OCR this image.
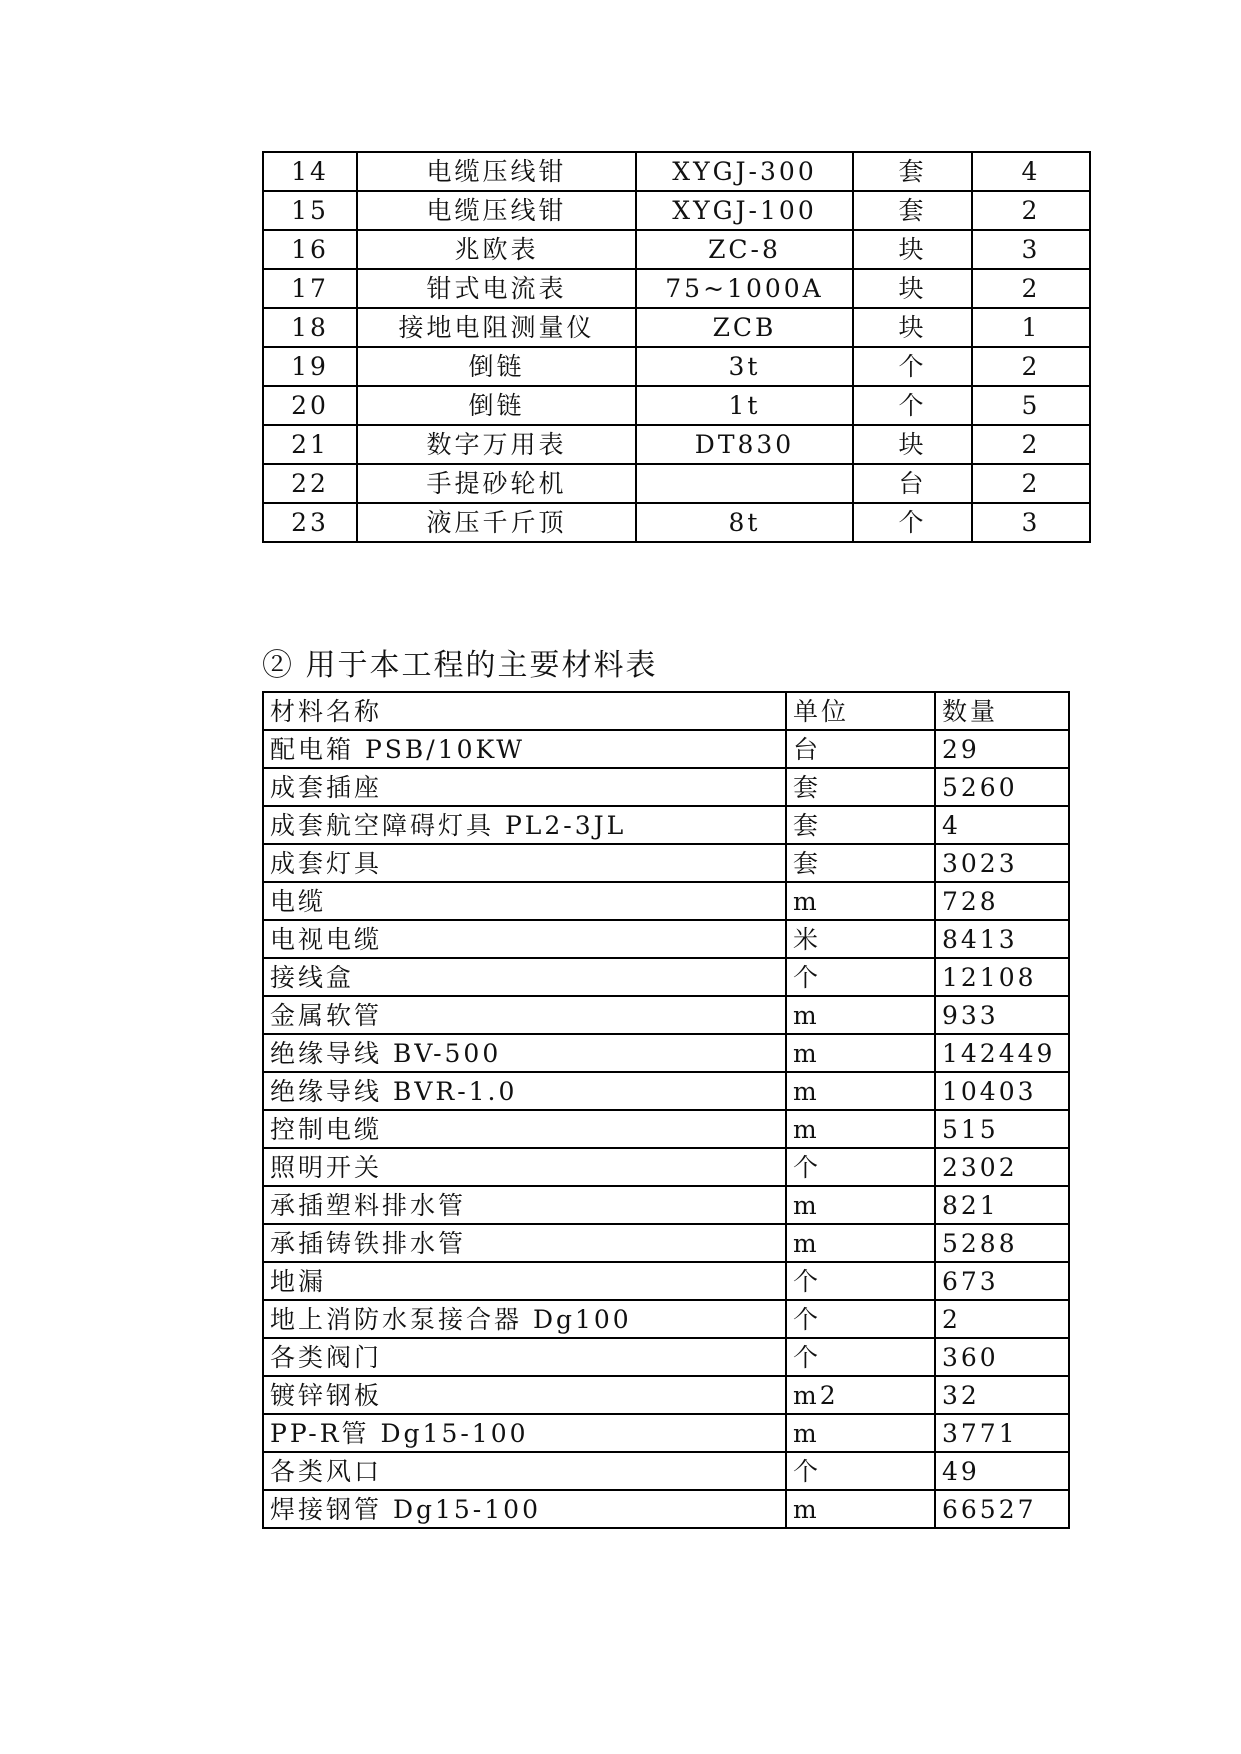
14	电缆压线钳	XYGJ-300	套	4
15	电缆压线钳	XYGJ-100	套	2
16	兆欧表	ZC-8	块	3
17	钳式电流表	75~1000A	块	2
18	接地电阻测量仪	ZCB	块	1
19	倒链	3t	个	2
20	倒链	1t	个	5
21	数字万用表	DT830	块	2
22	手提砂轮机		台	2
23	液压千斤顶	8t	个	3
② 用于本工程的主要材料表
材料名称	单位	数量
配电箱 PSB/10KW	台	29
成套插座	套	5260
成套航空障碍灯具 PL2-3JL	套	4
成套灯具	套	3023
电缆	m	728
电视电缆	米	8413
接线盒	个	12108
金属软管	m	933
绝缘导线 BV-500	m	142449
绝缘导线 BVR-1.0	m	10403
控制电缆	m	515
照明开关	个	2302
承插塑料排水管	m	821
承插铸铁排水管	m	5288
地漏	个	673
地上消防水泵接合器 Dg100	个	2
各类阀门	个	360
镀锌钢板	m2	32
PP-R管 Dg15-100	m	3771
各类风口	个	49
焊接钢管 Dg15-100	m	66527
